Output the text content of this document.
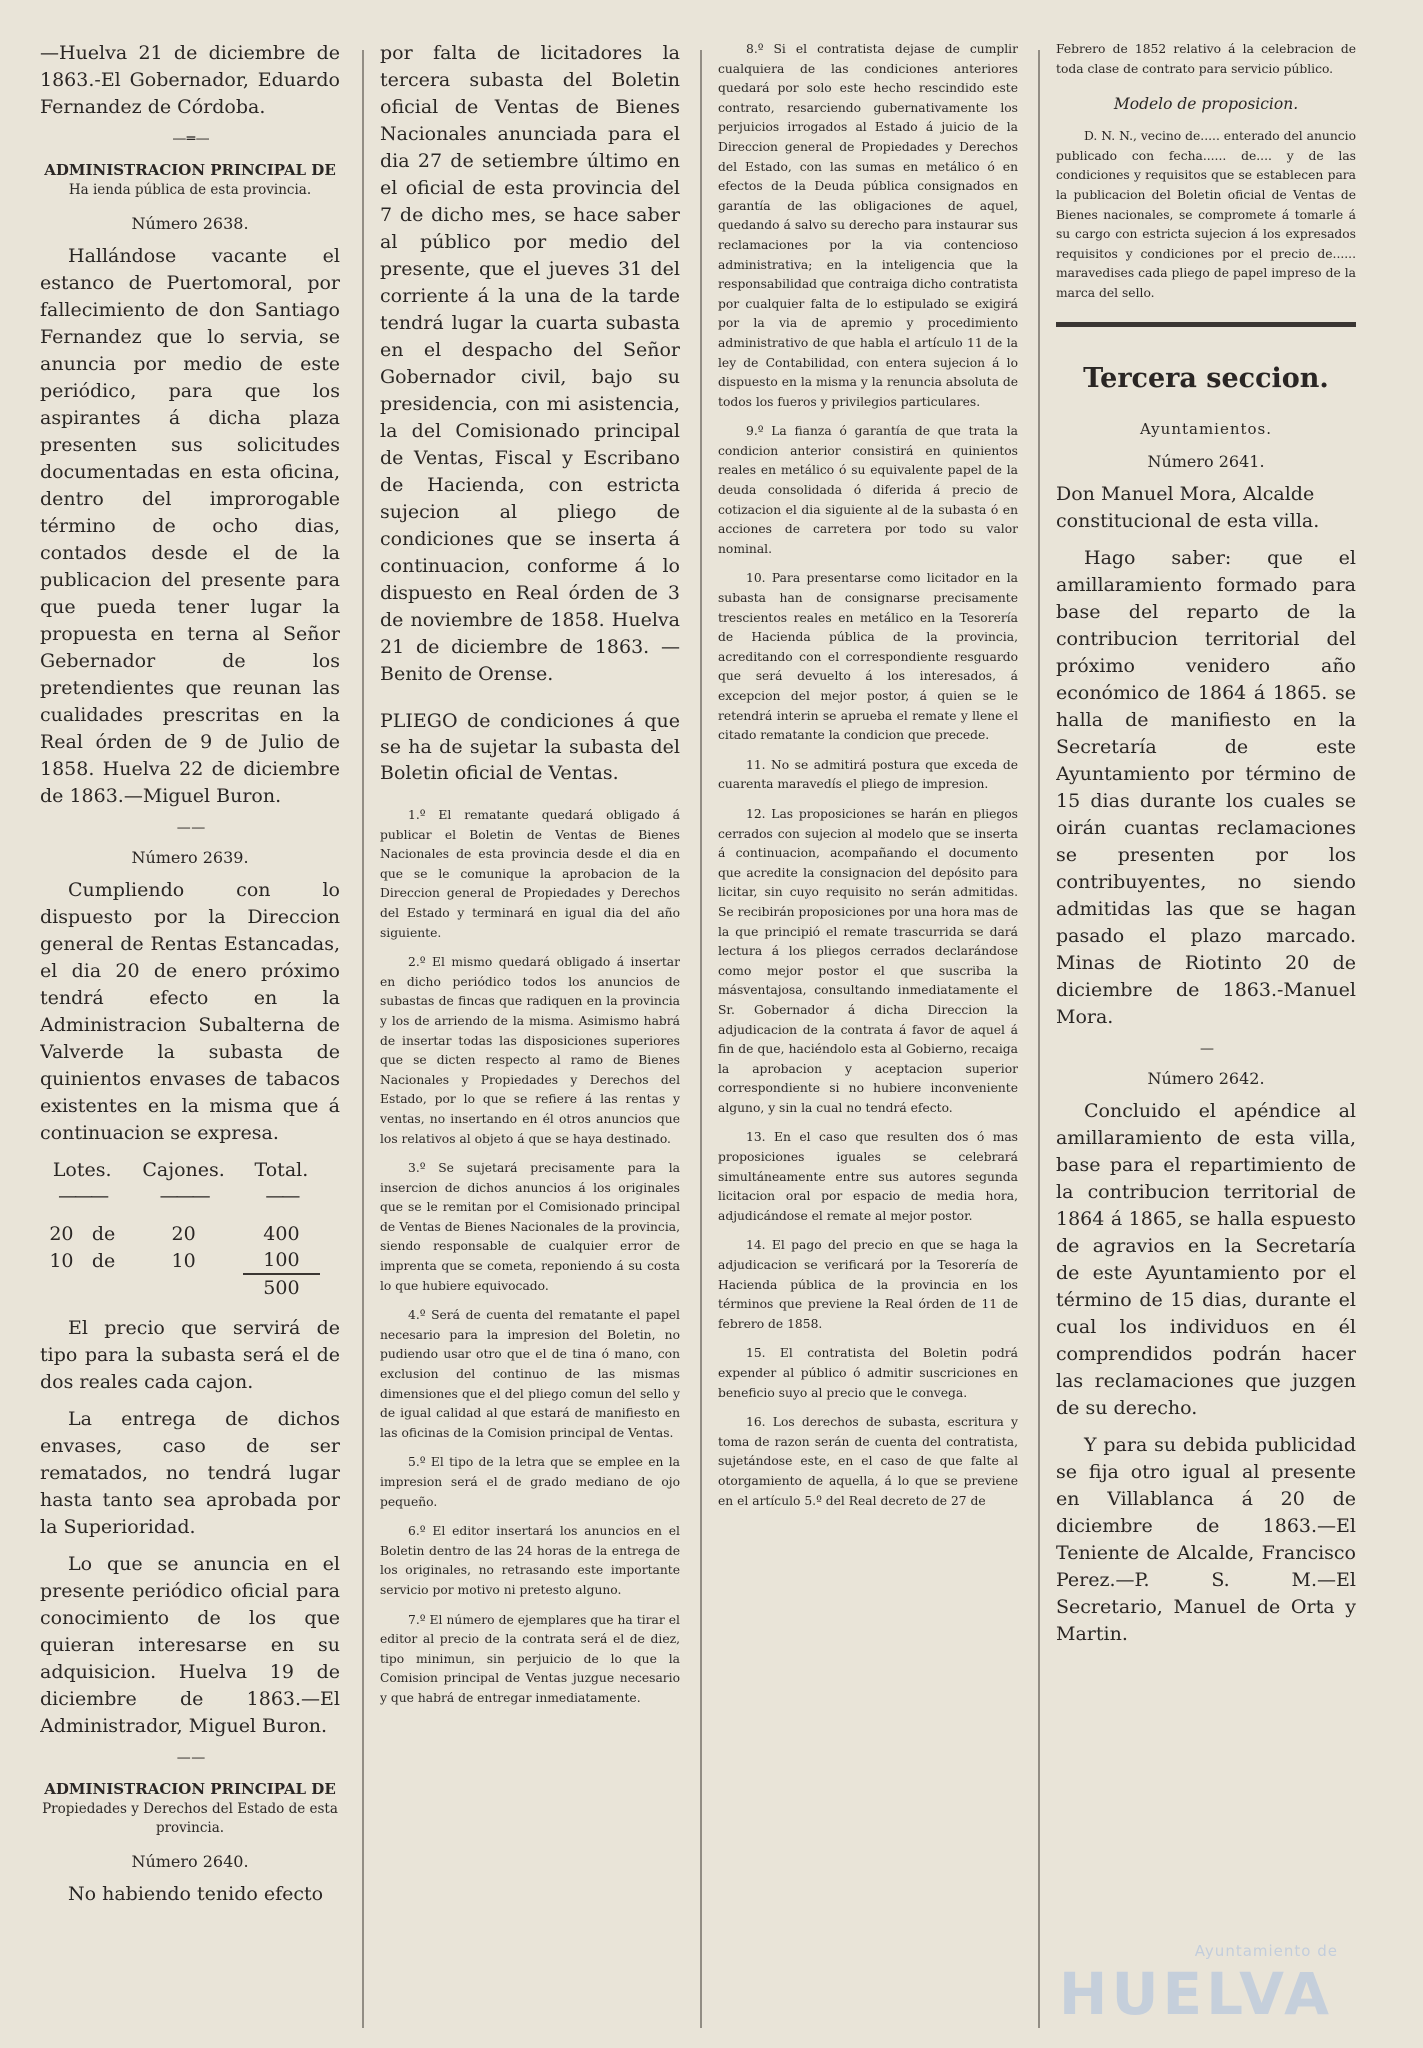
—Huelva 21 de diciembre de 1863.-El Gobernador, Eduardo Fernandez de Córdoba.

— ═ —
ADMINISTRACION PRINCIPAL DE
Ha ienda pública de esta provincia.
Número 2638.

Hallándose vacante el estanco de Puertomoral, por fallecimiento de don Santiago Fernandez que lo servia, se anuncia por medio de este periódico, para que los aspirantes á dicha plaza presenten sus solicitudes documentadas en esta oficina, dentro del improrogable término de ocho dias, contados desde el de la publicacion del presente para que pueda tener lugar la propuesta en terna al Señor Gebernador de los pretendientes que reunan las cualidades prescritas en la Real órden de 9 de Julio de 1858. Huelva 22 de diciembre de 1863.—Miguel Buron.

— —
Número 2639.

Cumpliendo con lo dispuesto por la Direccion general de Rentas Estancadas, el dia 20 de enero próximo tendrá efecto en la Administracion Subalterna de Valverde la subasta de quinientos envases de tabacos existentes en la misma que á continuacion se expresa.

Lotes.		Cajones.	Total.
———		———	——
20	de	20	400
10	de	10	100
			500

El precio que servirá de tipo para la subasta será el de dos reales cada cajon.

La entrega de dichos envases, caso de ser rematados, no tendrá lugar hasta tanto sea aprobada por la Superioridad.

Lo que se anuncia en el presente periódico oficial para conocimiento de los que quieran interesarse en su adquisicion. Huelva 19 de diciembre de 1863.—El Administrador, Miguel Buron.

— —
ADMINISTRACION PRINCIPAL DE
Propiedades y Derechos del Estado de esta provincia.
Número 2640.

No habiendo tenido efecto

por falta de licitadores la tercera subasta del Boletin oficial de Ventas de Bienes Nacionales anunciada para el dia 27 de setiembre último en el oficial de esta provincia del 7 de dicho mes, se hace saber al público por medio del presente, que el jueves 31 del corriente á la una de la tarde tendrá lugar la cuarta subasta en el despacho del Señor Gobernador civil, bajo su presidencia, con mi asistencia, la del Comisionado principal de Ventas, Fiscal y Escribano de Hacienda, con estricta sujecion al pliego de condiciones que se inserta á continuacion, conforme á lo dispuesto en Real órden de 3 de noviembre de 1858. Huelva 21 de diciembre de 1863. —Benito de Orense.

PLIEGO de condiciones á que se ha de sujetar la subasta del Boletin oficial de Ventas.

1.º El rematante quedará obligado á publicar el Boletin de Ventas de Bienes Nacionales de esta provincia desde el dia en que se le comunique la aprobacion de la Direccion general de Propiedades y Derechos del Estado y terminará en igual dia del año siguiente.

2.º El mismo quedará obligado á insertar en dicho periódico todos los anuncios de subastas de fincas que radiquen en la provincia y los de arriendo de la misma. Asimismo habrá de insertar todas las disposiciones superiores que se dicten respecto al ramo de Bienes Nacionales y Propiedades y Derechos del Estado, por lo que se refiere á las rentas y ventas, no insertando en él otros anuncios que los relativos al objeto á que se haya destinado.

3.º Se sujetará precisamente para la insercion de dichos anuncios á los originales que se le remitan por el Comisionado principal de Ventas de Bienes Nacionales de la provincia, siendo responsable de cualquier error de imprenta que se cometa, reponiendo á su costa lo que hubiere equivocado.

4.º Será de cuenta del rematante el papel necesario para la impresion del Boletin, no pudiendo usar otro que el de tina ó mano, con exclusion del continuo de las mismas dimensiones que el del pliego comun del sello y de igual calidad al que estará de manifiesto en las oficinas de la Comision principal de Ventas.

5.º El tipo de la letra que se emplee en la impresion será el de grado mediano de ojo pequeño.

6.º El editor insertará los anuncios en el Boletin dentro de las 24 horas de la entrega de los originales, no retrasando este importante servicio por motivo ni pretesto alguno.

7.º El número de ejemplares que ha tirar el editor al precio de la contrata será el de diez, tipo minimun, sin perjuicio de lo que la Comision principal de Ventas juzgue necesario y que habrá de entregar inmediatamente.

8.º Si el contratista dejase de cumplir cualquiera de las condiciones anteriores quedará por solo este hecho rescindido este contrato, resarciendo gubernativamente los perjuicios irrogados al Estado á juicio de la Direccion general de Propiedades y Derechos del Estado, con las sumas en metálico ó en efectos de la Deuda pública consignados en garantía de las obligaciones de aquel, quedando á salvo su derecho para instaurar sus reclamaciones por la via contencioso administrativa; en la inteligencia que la responsabilidad que contraiga dicho contratista por cualquier falta de lo estipulado se exigirá por la via de apremio y procedimiento administrativo de que habla el artículo 11 de la ley de Contabilidad, con entera sujecion á lo dispuesto en la misma y la renuncia absoluta de todos los fueros y privilegios particulares.

9.º La fianza ó garantía de que trata la condicion anterior consistirá en quinientos reales en metálico ó su equivalente papel de la deuda consolidada ó diferida á precio de cotizacion el dia siguiente al de la subasta ó en acciones de carretera por todo su valor nominal.

10. Para presentarse como licitador en la subasta han de consignarse precisamente trescientos reales en metálico en la Tesorería de Hacienda pública de la provincia, acreditando con el correspondiente resguardo que será devuelto á los interesados, á excepcion del mejor postor, á quien se le retendrá interin se aprueba el remate y llene el citado rematante la condicion que precede.

11. No se admitirá postura que exceda de cuarenta maravedís el pliego de impresion.

12. Las proposiciones se harán en pliegos cerrados con sujecion al modelo que se inserta á continuacion, acompañando el documento que acredite la consignacion del depósito para licitar, sin cuyo requisito no serán admitidas. Se recibirán proposiciones por una hora mas de la que principió el remate trascurrida se dará lectura á los pliegos cerrados declarándose como mejor postor el que suscriba la másventajosa, consultando inmediatamente el Sr. Gobernador á dicha Direccion la adjudicacion de la contrata á favor de aquel á fin de que, haciéndolo esta al Gobierno, recaiga la aprobacion y aceptacion superior correspondiente si no hubiere inconveniente alguno, y sin la cual no tendrá efecto.

13. En el caso que resulten dos ó mas proposiciones iguales se celebrará simultáneamente entre sus autores segunda licitacion oral por espacio de media hora, adjudicándose el remate al mejor postor.

14. El pago del precio en que se haga la adjudicacion se verificará por la Tesorería de Hacienda pública de la provincia en los términos que previene la Real órden de 11 de febrero de 1858.

15. El contratista del Boletin podrá expender al público ó admitir suscriciones en beneficio suyo al precio que le convega.

16. Los derechos de subasta, escritura y toma de razon serán de cuenta del contratista, sujetándose este, en el caso de que falte al otorgamiento de aquella, á lo que se previene en el artículo 5.º del Real decreto de 27 de

Febrero de 1852 relativo á la celebracion de toda clase de contrato para servicio público.

Modelo de proposicion.

D. N. N., vecino de..... enterado del anuncio publicado con fecha...... de.... y de las condiciones y requisitos que se establecen para la publicacion del Boletin oficial de Ventas de Bienes nacionales, se compromete á tomarle á su cargo con estricta sujecion á los expresados requisitos y condiciones por el precio de...... maravedises cada pliego de papel impreso de la marca del sello.

Tercera seccion.
Ayuntamientos.
Número 2641.

Don Manuel Mora, Alcalde constitucional de esta villa.

Hago saber: que el amillaramiento formado para base del reparto de la contribucion territorial del próximo venidero año económico de 1864 á 1865. se halla de manifiesto en la Secretaría de este Ayuntamiento por término de 15 dias durante los cuales se oirán cuantas reclamaciones se presenten por los contribuyentes, no siendo admitidas las que se hagan pasado el plazo marcado. Minas de Riotinto 20 de diciembre de 1863.-Manuel Mora.

—
Número 2642.

Concluido el apéndice al amillaramiento de esta villa, base para el repartimiento de la contribucion territorial de 1864 á 1865, se halla espuesto de agravios en la Secretaría de este Ayuntamiento por el término de 15 dias, durante el cual los individuos en él comprendidos podrán hacer las reclamaciones que juzgen de su derecho.

Y para su debida publicidad se fija otro igual al presente en Villablanca á 20 de diciembre de 1863.—El Teniente de Alcalde, Francisco Perez.—P. S. M.—El Secretario, Manuel de Orta y Martin.

Ayuntamiento de
HUELVA
